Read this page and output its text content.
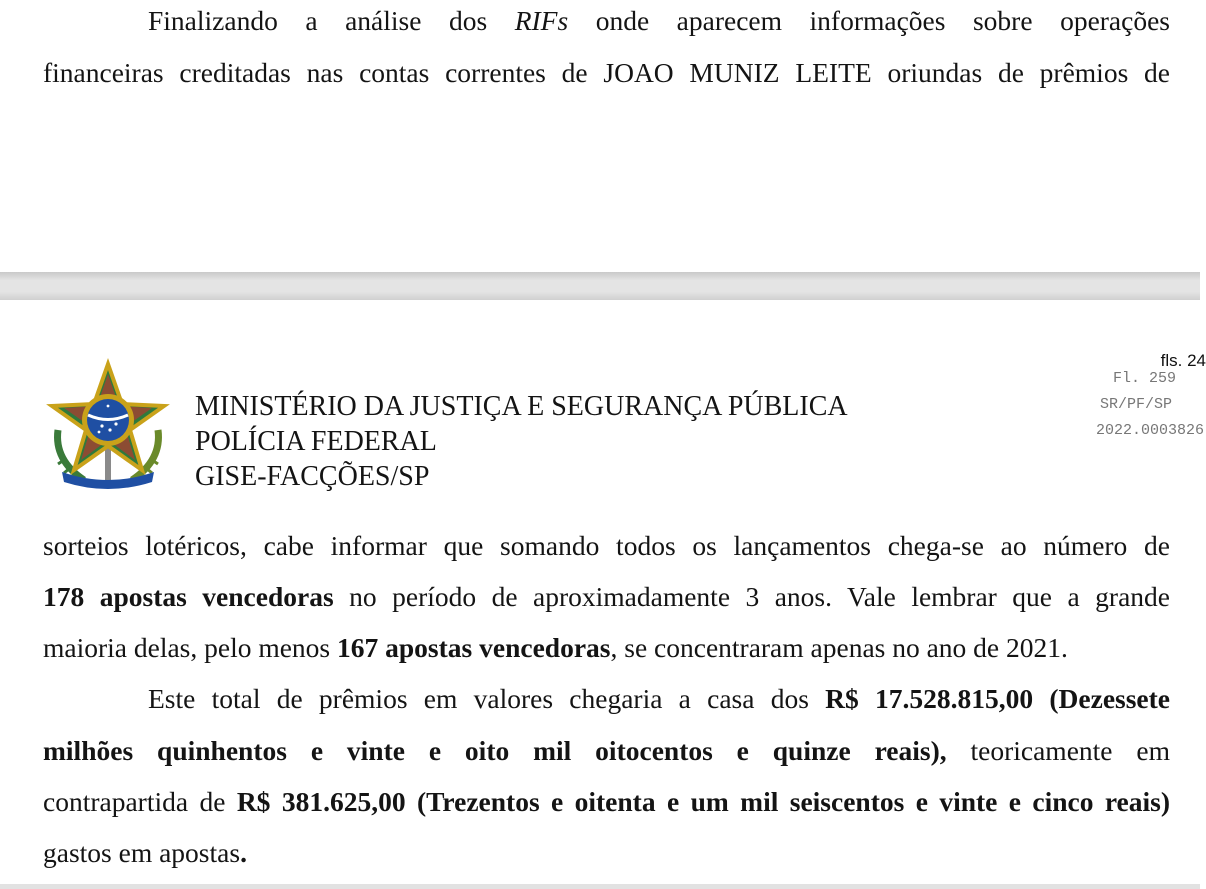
Finalizando a análise dos RIFs onde aparecem informações sobre operações
financeiras creditadas nas contas correntes de JOAO MUNIZ LEITE oriundas de prêmios de
MINISTÉRIO DA JUSTIÇA E SEGURANÇA PÚBLICA
POLÍCIA FEDERAL
GISE-FACÇÕES/SP
fls. 24
Fl. 259
SR/PF/SP
2022.0003826
sorteios lotéricos, cabe informar que somando todos os lançamentos chega-se ao número de
178 apostas vencedoras no período de aproximadamente 3 anos. Vale lembrar que a grande
maioria delas, pelo menos 167 apostas vencedoras, se concentraram apenas no ano de 2021.
Este total de prêmios em valores chegaria a casa dos R$ 17.528.815,00 (Dezessete
milhões quinhentos e vinte e oito mil oitocentos e quinze reais), teoricamente em
contrapartida de R$ 381.625,00 (Trezentos e oitenta e um mil seiscentos e vinte e cinco reais)
gastos em apostas.
